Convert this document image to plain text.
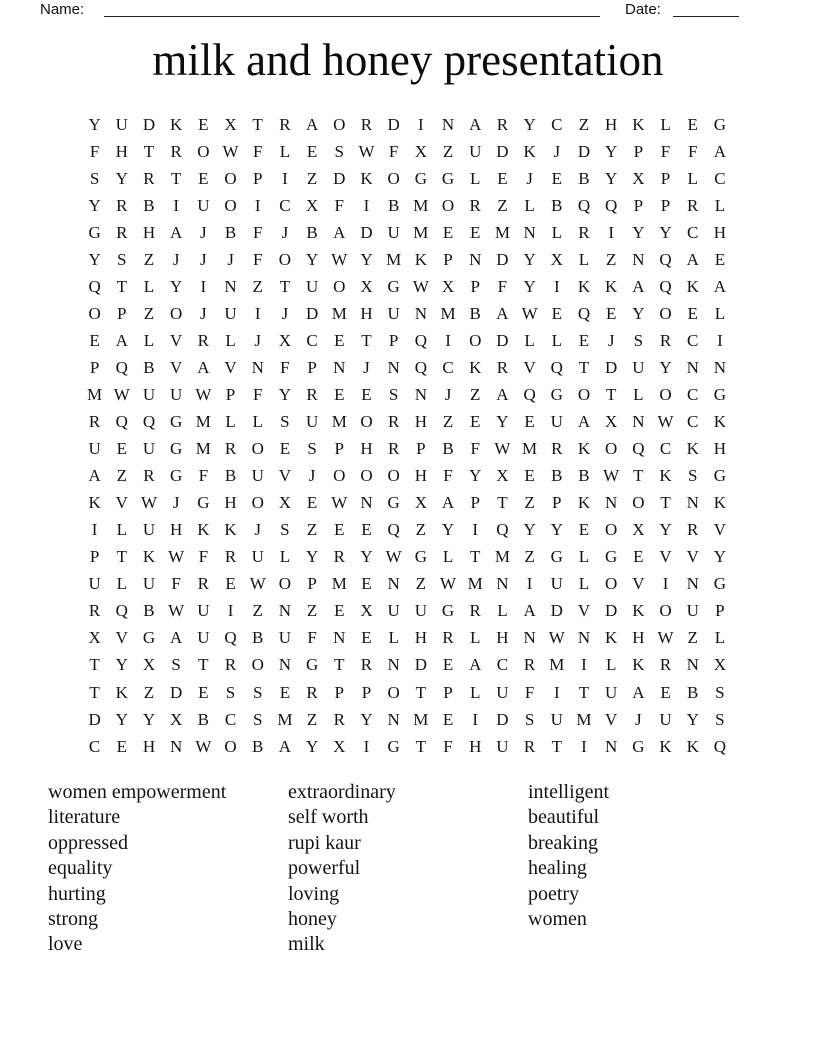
Name:	Date:
milk and honey presentation
Y U D K E X T R A O R D	I	N A R Y C Z H K L E G
F H T R O W F	L E	S W F X Z U D K	J	D Y P	F	F A
S Y R T E O P	I	Z D K O G G L E	J	E B Y X P	L C
Y R B	I	U O	I	C X F	I	B M O R Z L B Q Q P	P R L
G R H A	J	B F	J	B A D U M E E M N L R	I	Y Y C H
Y S	Z	J	J	J	F O Y W Y M K P N D Y X L Z N Q A E
Q T L Y	I	N Z T U O X G W X P	F Y	I	K K A Q K A
O P	Z O	J	U	I	J	D M H U N M B A W E Q E Y O E L
E A L V R L	J	X C E T	P Q	I	O D L L E	J	S R C	I
P Q B V A V N F	P N	J	N Q C K R V Q T D U Y N N
M W U U W P	F Y R E E	S N	J	Z A Q G O T L O C G
R Q Q G M L L	S U M O R H Z E Y E U A X N W C K
U E U G M R O E	S	P H R P B F W M R K O Q C K H
A Z R G F B U V	J	O O O H F Y X E B B W T K S G
K V W J	G H O X E W N G X A P	T Z	P K N O T N K
I	L U H K K	J	S	Z E E Q Z Y	I	Q Y Y E O X Y R V
P	T K W F R U L Y R Y W G L T M Z G L G E V V Y
U L U F R E W O P M E N Z W M N	I	U L O V	I	N G
R Q B W U	I	Z N Z E X U U G R L A D V D K O U P
X V G A U Q B U F N E L H R L H N W N K H W Z L
T Y X S	T R O N G T R N D E A C R M I	L K R N X
T K Z D E	S	S	E R P	P O T	P	L U F	I	T U A E B S
D Y Y X B C S M Z R Y N M E	I	D S U M V	J	U Y S
C E H N W O B A Y X	I	G T	F H U R T	I	N G K K Q
women empowerment
literature
oppressed
equality
hurting
strong
love
extraordinary
self worth
rupi kaur
powerful
loving
honey
milk
intelligent
beautiful
breaking
healing
poetry
women
